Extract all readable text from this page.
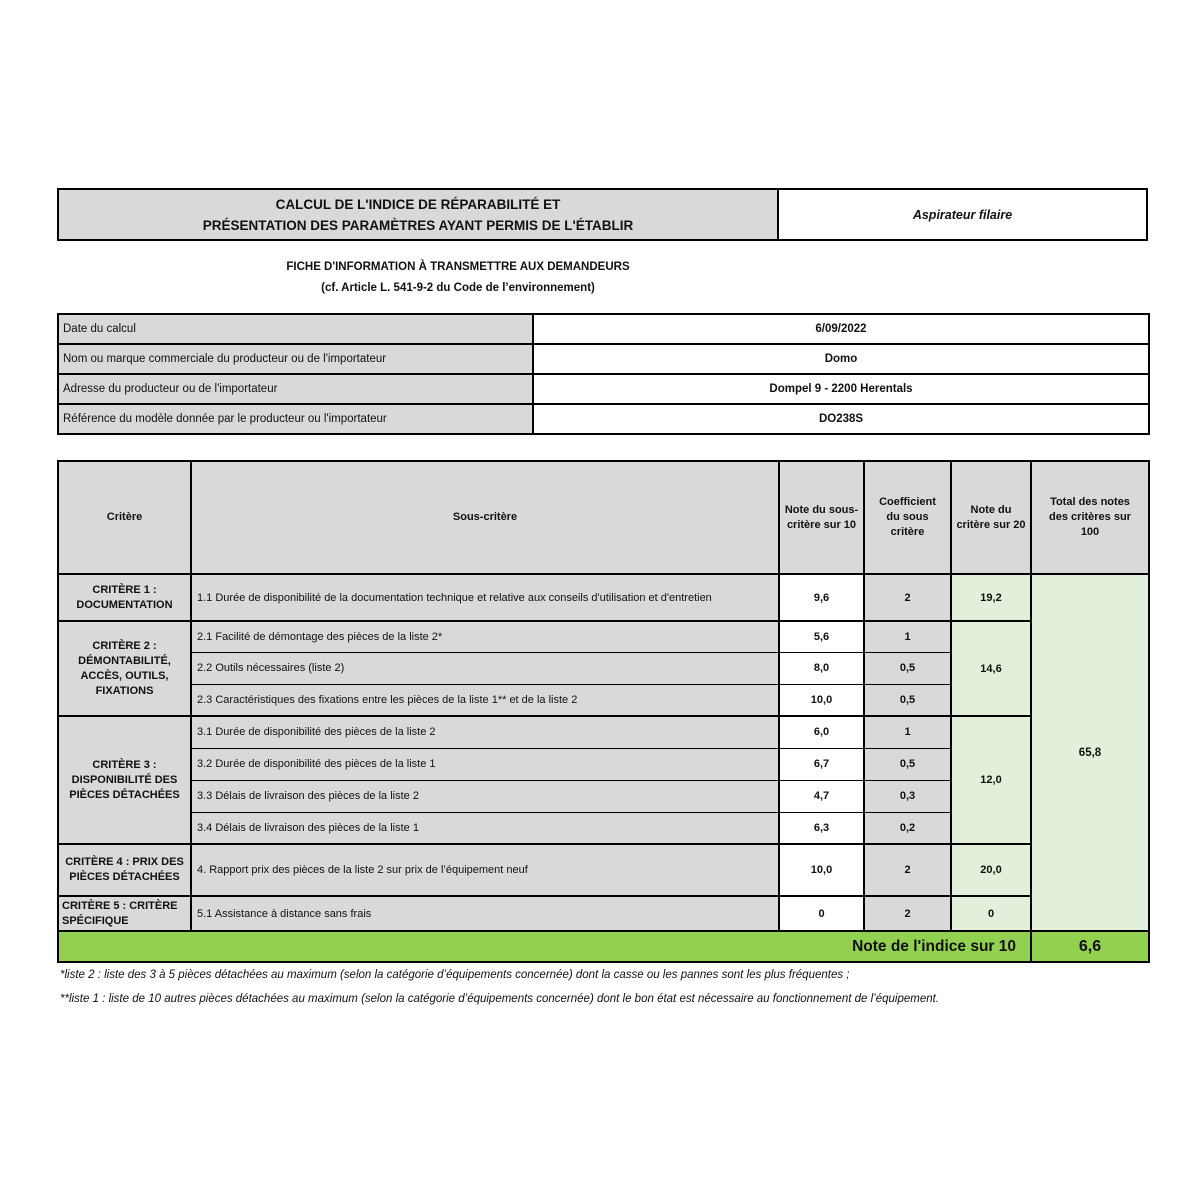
CALCUL DE L'INDICE DE RÉPARABILITÉ ET
PRÉSENTATION DES PARAMÈTRES AYANT PERMIS DE L'ÉTABLIR
Aspirateur filaire
FICHE D'INFORMATION À TRANSMETTRE AUX DEMANDEURS
(cf. Article L. 541-9-2 du Code de l’environnement)
Date du calcul	6/09/2022
Nom ou marque commerciale du producteur ou de l'importateur	Domo
Adresse du producteur ou de l'importateur	Dompel 9 - 2200 Herentals
Référence du modèle donnée par le producteur ou l'importateur	DO238S
Critère	Sous-critère	Note du sous-critère sur 10	Coefficient du sous critère	Note du critère sur 20	Total des notes des critères sur 100
CRITÈRE 1 : DOCUMENTATION	1.1 Durée de disponibilité de la documentation technique et relative aux conseils d'utilisation et d'entretien	9,6	2	19,2	65,8
CRITÈRE 2 : DÉMONTABILITÉ, ACCÈS, OUTILS, FIXATIONS	2.1 Facilité de démontage des pièces de la liste 2*	5,6	1	14,6	
	2.2 Outils nécessaires (liste 2)	8,0	0,5		
	2.3 Caractéristiques des fixations entre les pièces de la liste 1** et de la liste 2	10,0	0,5		
CRITÈRE 3 : DISPONIBILITÉ DES PIÈCES DÉTACHÉES	3.1 Durée de disponibilité des pièces de la liste 2	6,0	1	12,0	
	3.2 Durée de disponibilité des pièces de la liste 1	6,7	0,5		
	3.3 Délais de livraison des pièces de la liste 2	4,7	0,3		
	3.4 Délais de livraison des pièces de la liste 1	6,3	0,2		
CRITÈRE 4 : PRIX DES PIÈCES DÉTACHÉES	4. Rapport prix des pièces de la liste 2 sur prix de l’équipement neuf	10,0	2	20,0	
CRITÈRE 5 : CRITÈRE SPÉCIFIQUE	5.1 Assistance à distance sans frais	0	2	0	
Note de l'indice sur 10					6,6
*liste 2 : liste des 3 à 5 pièces détachées au maximum (selon la catégorie d’équipements concernée) dont la casse ou les pannes sont les plus fréquentes ;
**liste 1 : liste de 10 autres pièces détachées au maximum (selon la catégorie d’équipements concernée) dont le bon état est nécessaire au fonctionnement de l’équipement.
